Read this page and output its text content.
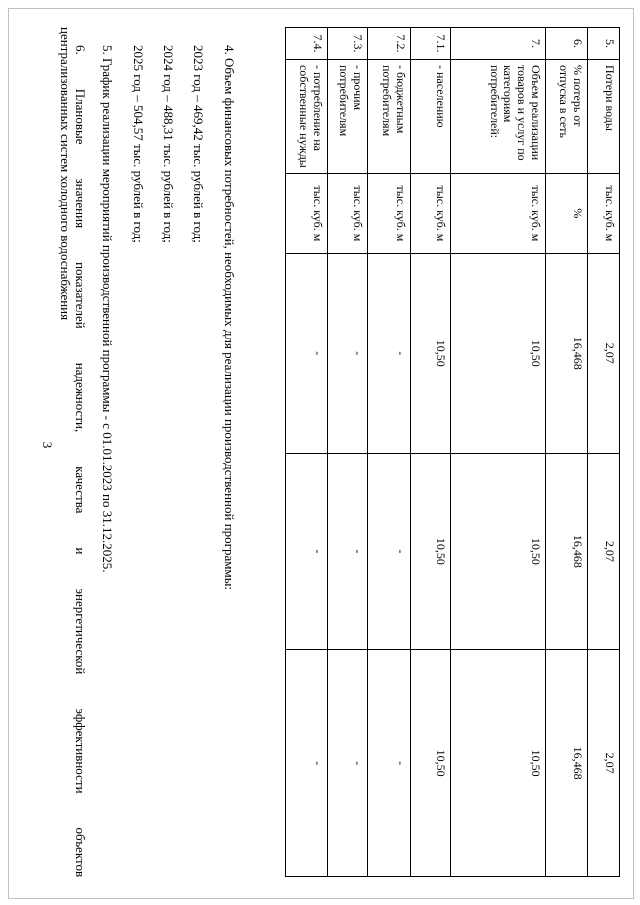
3
5.	Потери воды	тыс. куб. м	2,07	2,07	2,07
6.	% потерь от отпуска в сеть	%	16,468	16,468	16,468
7.	Объем реализации товаров и услуг по категориям потребителей:	тыс. куб. м	10,50	10,50	10,50
7.1.	- населению	тыс. куб. м	10,50	10,50	10,50
7.2.	- бюджетным потребителям	тыс. куб. м	-	-	-
7.3.	- прочим потребителям	тыс. куб. м	-	-	-
7.4.	- потребление на собственные нужды	тыс. куб. м	-	-	-
4. Объем финансовых потребностей, необходимых для реализации производственной программы:
2023 год – 469,42 тыс. рублей в год;
2024 год – 488,31 тыс. рублей в год;
2025 год – 504,57 тыс. рублей в год;
5. График реализации мероприятий производственной программы - с 01.01.2023 по 31.12.2025.
6. Плановые значения показателей надежности, качества и энергетической эффективности объектов
централизованных систем холодного водоснабжения
